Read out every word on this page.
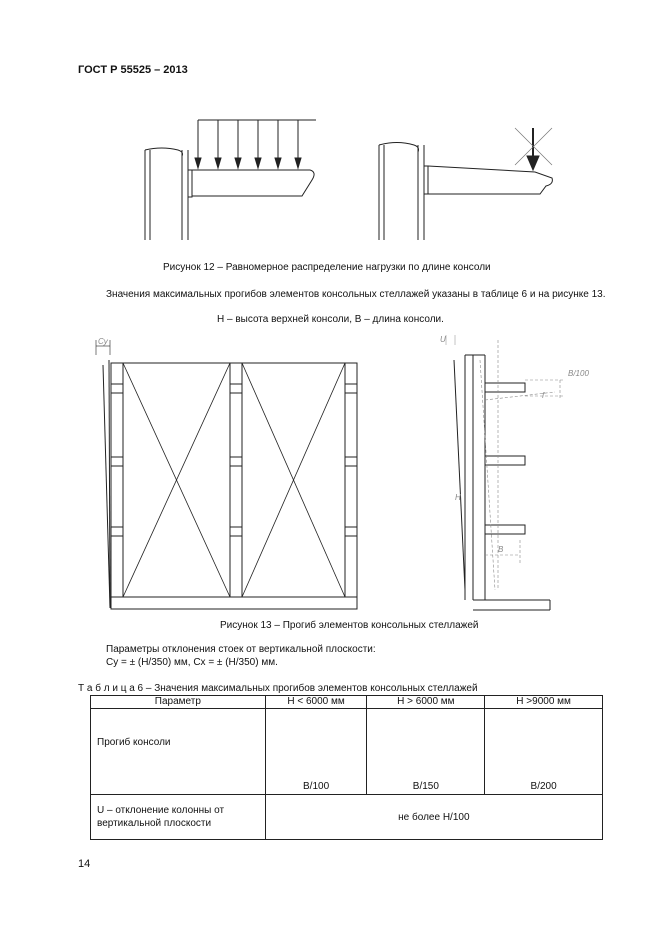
ГОСТ Р 55525 – 2013
Рисунок 12 – Равномерное распределение нагрузки по длине консоли
Значения максимальных прогибов элементов консольных стеллажей указаны в таблице 6 и на рисунке 13.
Н – высота верхней консоли, В – длина консоли.
Cy	U
B/100
f
H
B
Рисунок 13 – Прогиб элементов консольных стеллажей
Параметры отклонения стоек от вертикальной плоскости:
Cy = ± (H/350) мм, Cx = ± (H/350) мм.
Т а б л и ц а 6 – Значения максимальных прогибов элементов консольных стеллажей
Параметр	H < 6000 мм	H > 6000 мм	H >9000 мм
Прогиб консоли	B/100	B/150	B/200

U – отклонение колонны от
вертикальной плоскости	не более H/100		
14
